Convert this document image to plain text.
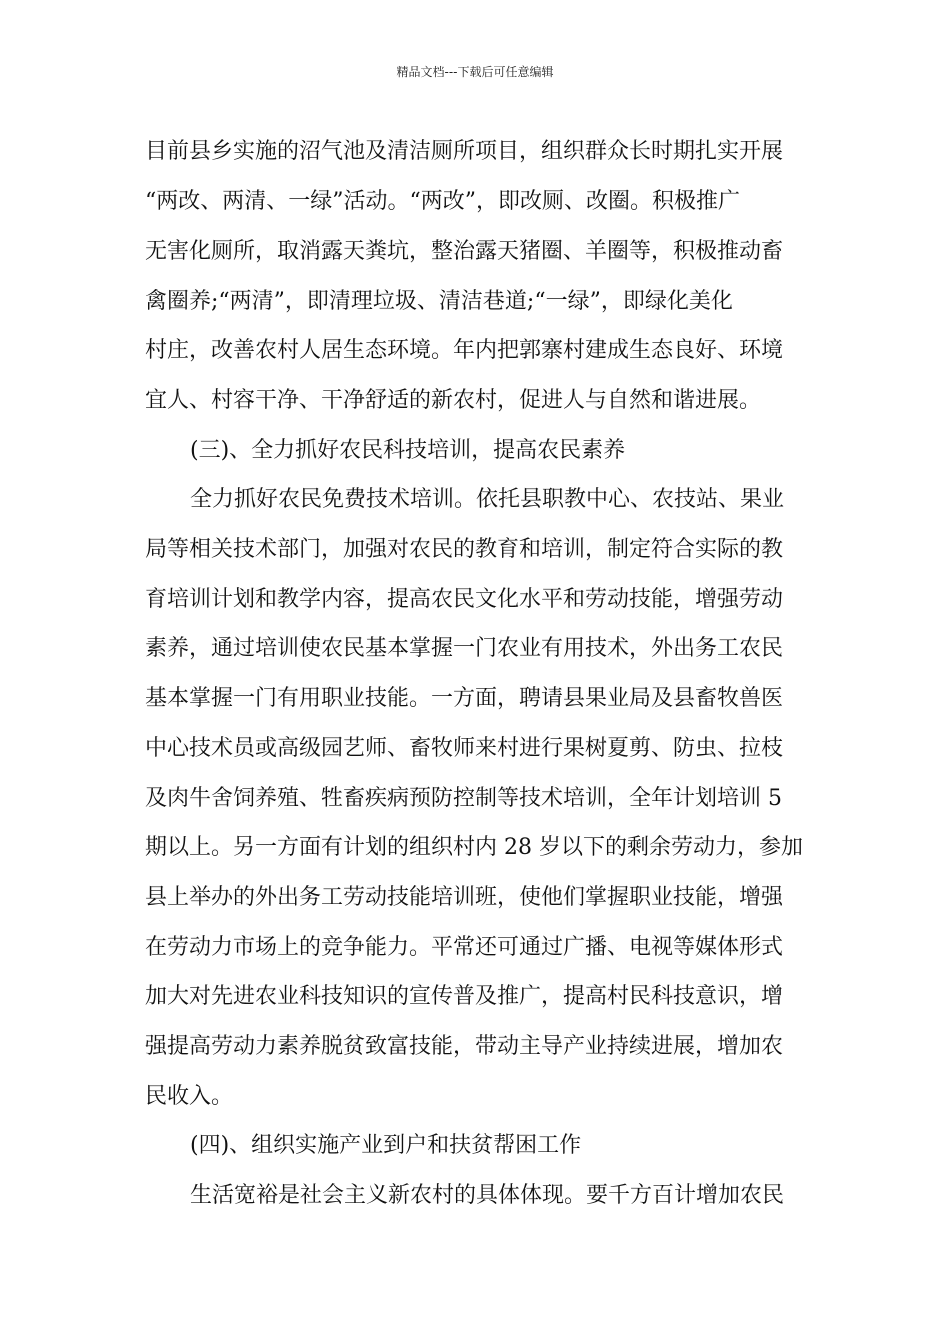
精品文档---下载后可任意编辑
目前县乡实施的沼气池及清洁厕所项目，组织群众长时期扎实开展
“两改、两清、一绿”活动。“两改”，即改厕、改圈。积极推广
无害化厕所，取消露天粪坑，整治露天猪圈、羊圈等，积极推动畜
禽圈养;“两清”，即清理垃圾、清洁巷道;“一绿”，即绿化美化
村庄，改善农村人居生态环境。年内把郭寨村建成生态良好、环境
宜人、村容干净、干净舒适的新农村，促进人与自然和谐进展。
(三)、全力抓好农民科技培训，提高农民素养
全力抓好农民免费技术培训。依托县职教中心、农技站、果业
局等相关技术部门，加强对农民的教育和培训，制定符合实际的教
育培训计划和教学内容，提高农民文化水平和劳动技能，增强劳动
素养，通过培训使农民基本掌握一门农业有用技术，外出务工农民
基本掌握一门有用职业技能。一方面，聘请县果业局及县畜牧兽医
中心技术员或高级园艺师、畜牧师来村进行果树夏剪、防虫、拉枝
及肉牛舍饲养殖、牲畜疾病预防控制等技术培训，全年计划培训 5
期以上。另一方面有计划的组织村内 28 岁以下的剩余劳动力，参加
县上举办的外出务工劳动技能培训班，使他们掌握职业技能，增强
在劳动力市场上的竞争能力。平常还可通过广播、电视等媒体形式
加大对先进农业科技知识的宣传普及推广，提高村民科技意识，增
强提高劳动力素养脱贫致富技能，带动主导产业持续进展，增加农
民收入。
(四)、组织实施产业到户和扶贫帮困工作
生活宽裕是社会主义新农村的具体体现。要千方百计增加农民
